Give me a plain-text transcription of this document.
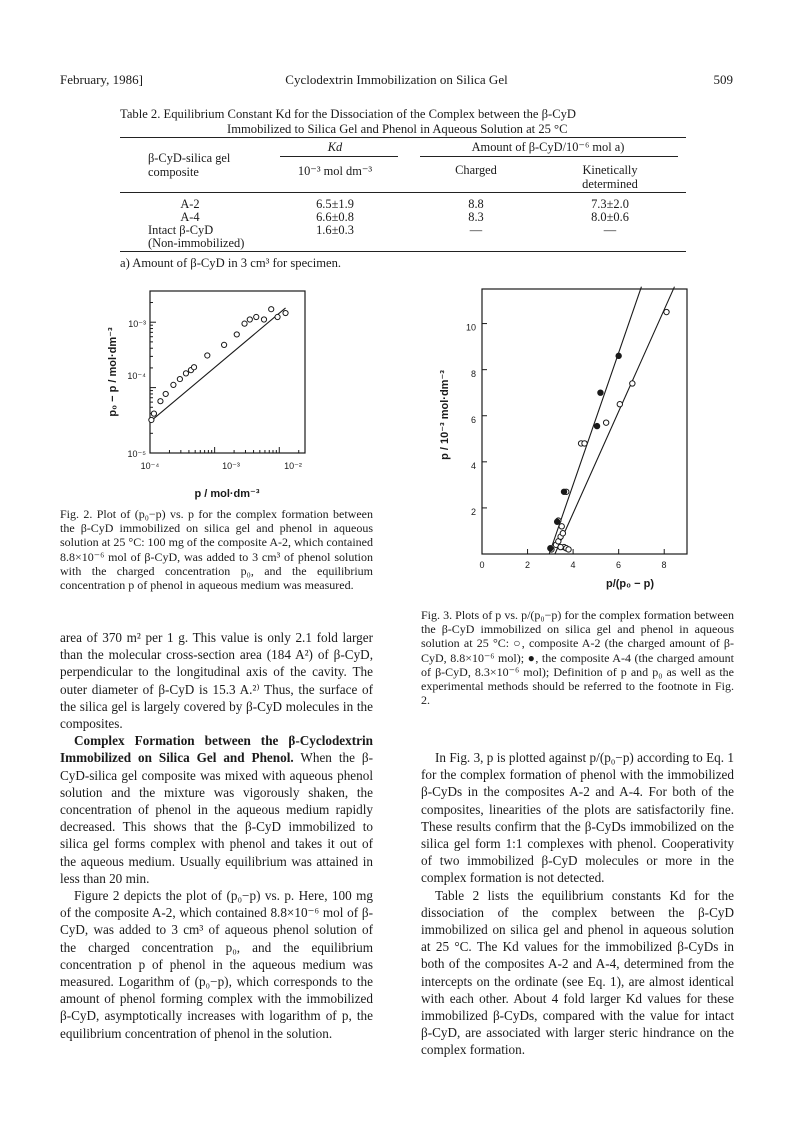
February, 1986]	Cyclodextrin Immobilization on Silica Gel	509
Table 2. Equilibrium Constant Kd for the Dissociation of the Complex between the β-CyD
Immobilized to Silica Gel and Phenol in Aqueous Solution at 25 °C
β-CyD-silica gel
composite
Kd
10⁻³ mol dm⁻³
Amount of β-CyD/10⁻⁶ mol a)
Charged	Kinetically
determined
A-2	6.5±1.9	8.8	7.3±2.0
A-4	6.6±0.8	8.3	8.0±0.6
Intact β-CyD	1.6±0.3	—	—
(Non-immobilized)
a) Amount of β-CyD in 3 cm³ for specimen.
10⁻⁴	10⁻³	10⁻²
10⁻⁵
10⁻⁴
10⁻³
p / mol·dm⁻³
p₀ − p / mol·dm⁻³
Fig. 2. Plot of (p₀−p) vs. p for the complex formation between the β-CyD immobilized on silica gel and phenol in aqueous solution at 25 °C: 100 mg of the composite A-2, which contained 8.8×10⁻⁶ mol of β-CyD, was added to 3 cm³ of phenol solution with the charged concentration p₀, and the equilibrium concentration p of phenol in aqueous medium was measured.
0	2	4	6	8
2
4
6
8
10
p/(p₀ − p)
p / 10⁻³ mol·dm⁻³
Fig. 3. Plots of p vs. p/(p₀−p) for the complex formation between the β-CyD immobilized on silica gel and phenol in aqueous solution at 25 °C: ○, composite A-2 (the charged amount of β-CyD, 8.8×10⁻⁶ mol); ●, the composite A-4 (the charged amount of β-CyD, 8.3×10⁻⁶ mol); Definition of p and p₀ as well as the experimental methods should be referred to the footnote in Fig. 2.

area of 370 m² per 1 g. This value is only 2.1 fold larger than the molecular cross-section area (184 A²) of β-CyD, perpendicular to the longitudinal axis of the cavity. The outer diameter of β-CyD is 15.3 A.²⁾ Thus, the surface of the silica gel is largely covered by β-CyD molecules in the composites.

Complex Formation between the β-Cyclodextrin Immobilized on Silica Gel and Phenol. When the β-CyD-silica gel composite was mixed with aqueous phenol solution and the mixture was vigorously shaken, the concentration of phenol in the aqueous medium rapidly decreased. This shows that the β-CyD immobilized to silica gel forms complex with phenol and takes it out of the aqueous medium. Usually equilibrium was attained in less than 20 min.

Figure 2 depicts the plot of (p₀−p) vs. p. Here, 100 mg of the composite A-2, which contained 8.8×10⁻⁶ mol of β-CyD, was added to 3 cm³ of aqueous phenol solution of the charged concentration p₀, and the equilibrium concentration p of phenol in the aqueous medium was measured. Logarithm of (p₀−p), which corresponds to the amount of phenol forming complex with the immobilized β-CyD, asymptotically increases with logarithm of p, the equilibrium concentration of phenol in the solution.

In Fig. 3, p is plotted against p/(p₀−p) according to Eq. 1 for the complex formation of phenol with the immobilized β-CyDs in the composites A-2 and A-4. For both of the composites, linearities of the plots are satisfactorily fine. These results confirm that the β-CyDs immobilized on the silica gel form 1:1 complexes with phenol. Cooperativity of two immobilized β-CyD molecules or more in the complex formation is not detected.

Table 2 lists the equilibrium constants Kd for the dissociation of the complex between the β-CyD immobilized on silica gel and phenol in aqueous solution at 25 °C. The Kd values for the immobilized β-CyDs in both of the composites A-2 and A-4, determined from the intercepts on the ordinate (see Eq. 1), are almost identical with each other. About 4 fold larger Kd values for these immobilized β-CyDs, compared with the value for intact β-CyD, are associated with larger steric hindrance on the complex formation.
